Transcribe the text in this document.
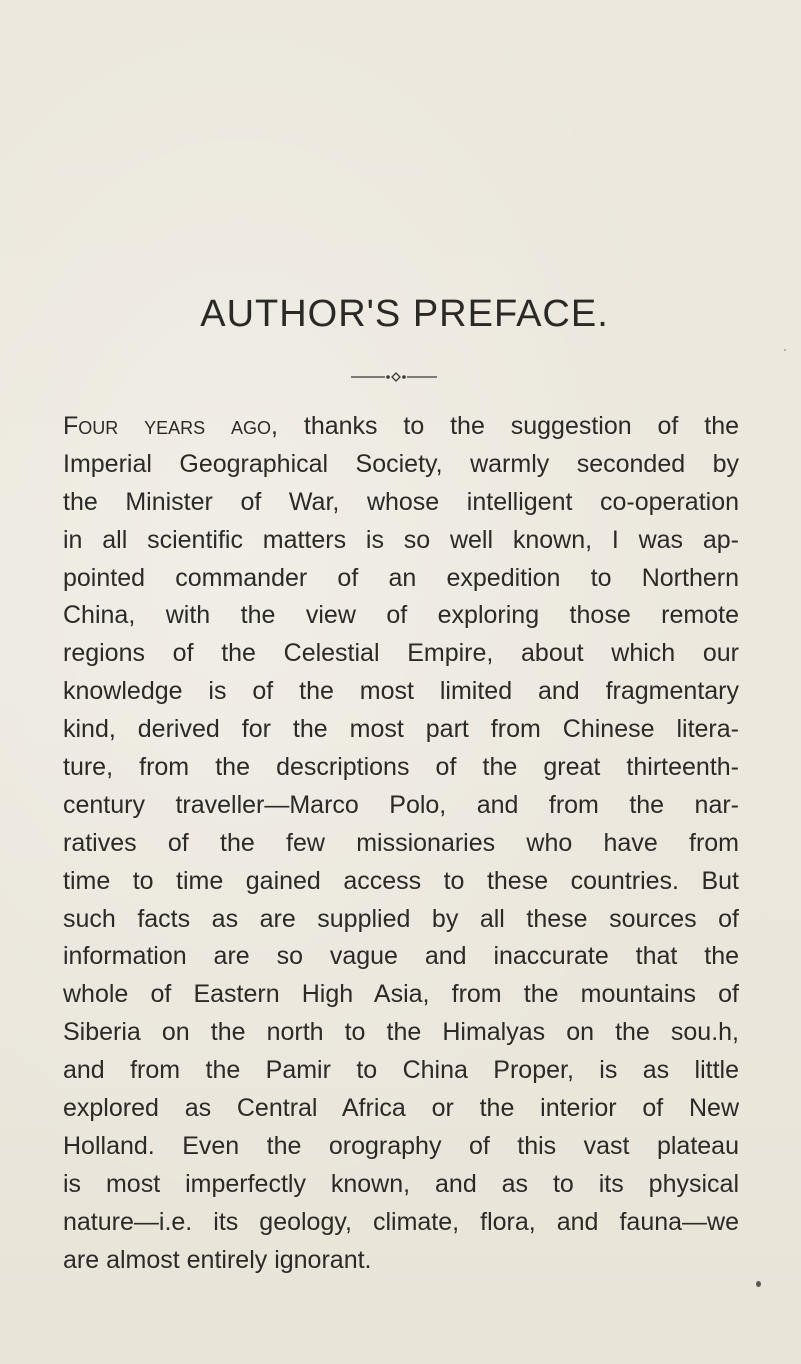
AUTHOR'S PREFACE.
Four years ago, thanks to the suggestion of the
Imperial Geographical Society, warmly seconded by
the Minister of War, whose intelligent co-operation
in all scientific matters is so well known, I was ap-
pointed commander of an expedition to Northern
China, with the view of exploring those remote
regions of the Celestial Empire, about which our
knowledge is of the most limited and fragmentary
kind, derived for the most part from Chinese litera-
ture, from the descriptions of the great thirteenth-
century traveller—Marco Polo, and from the nar-
ratives of the few missionaries who have from
time to time gained access to these countries. But
such facts as are supplied by all these sources of
information are so vague and inaccurate that the
whole of Eastern High Asia, from the mountains of
Siberia on the north to the Himalyas on the sou.h,
and from the Pamir to China Proper, is as little
explored as Central Africa or the interior of New
Holland. Even the orography of this vast plateau
is most imperfectly known, and as to its physical
nature—i.e. its geology, climate, flora, and fauna—we
are almost entirely ignorant.
